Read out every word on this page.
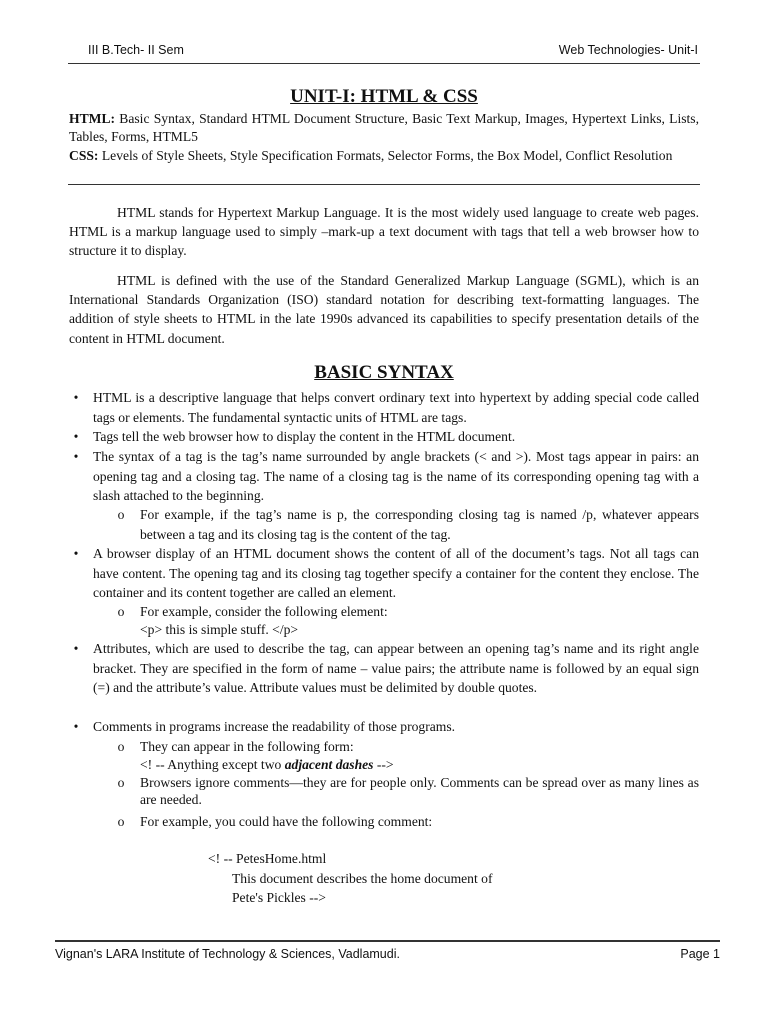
III B.Tech- II Sem	Web Technologies- Unit-I
UNIT-I: HTML & CSS
HTML: Basic Syntax, Standard HTML Document Structure, Basic Text Markup, Images, Hypertext Links, Lists, Tables, Forms, HTML5
CSS: Levels of Style Sheets, Style Specification Formats, Selector Forms, the Box Model, Conflict Resolution
HTML stands for Hypertext Markup Language. It is the most widely used language to create web pages. HTML is a markup language used to simply –mark-up a text document with tags that tell a web browser how to structure it to display.
HTML is defined with the use of the Standard Generalized Markup Language (SGML), which is an International Standards Organization (ISO) standard notation for describing text-formatting languages. The addition of style sheets to HTML in the late 1990s advanced its capabilities to specify presentation details of the content in HTML document.
BASIC SYNTAX
•	HTML is a descriptive language that helps convert ordinary text into hypertext by adding special code called tags or elements. The fundamental syntactic units of HTML are tags.
•	Tags tell the web browser how to display the content in the HTML document.
•	The syntax of a tag is the tag’s name surrounded by angle brackets (< and >). Most tags appear in pairs: an opening tag and a closing tag. The name of a closing tag is the name of its corresponding opening tag with a slash attached to the beginning.
o For example, if the tag’s name is p, the corresponding closing tag is named /p, whatever appears between a tag and its closing tag is the content of the tag.
•	A browser display of an HTML document shows the content of all of the document’s tags. Not all tags can have content. The opening tag and its closing tag together specify a container for the content they enclose. The container and its content together are called an element.
o For example, consider the following element:
<p> this is simple stuff. </p>
•	Attributes, which are used to describe the tag, can appear between an opening tag’s name and its right angle bracket. They are specified in the form of name – value pairs; the attribute name is followed by an equal sign (=) and the attribute’s value. Attribute values must be delimited by double quotes.
•	Comments in programs increase the readability of those programs.
o They can appear in the following form:
<! -- Anything except two adjacent dashes -->
o Browsers ignore comments—they are for people only. Comments can be spread over as many lines as are needed.
o For example, you could have the following comment:
<! -- PetesHome.html
This document describes the home document of
Pete's Pickles -->
Vignan's LARA Institute of Technology & Sciences, Vadlamudi.	Page 1
